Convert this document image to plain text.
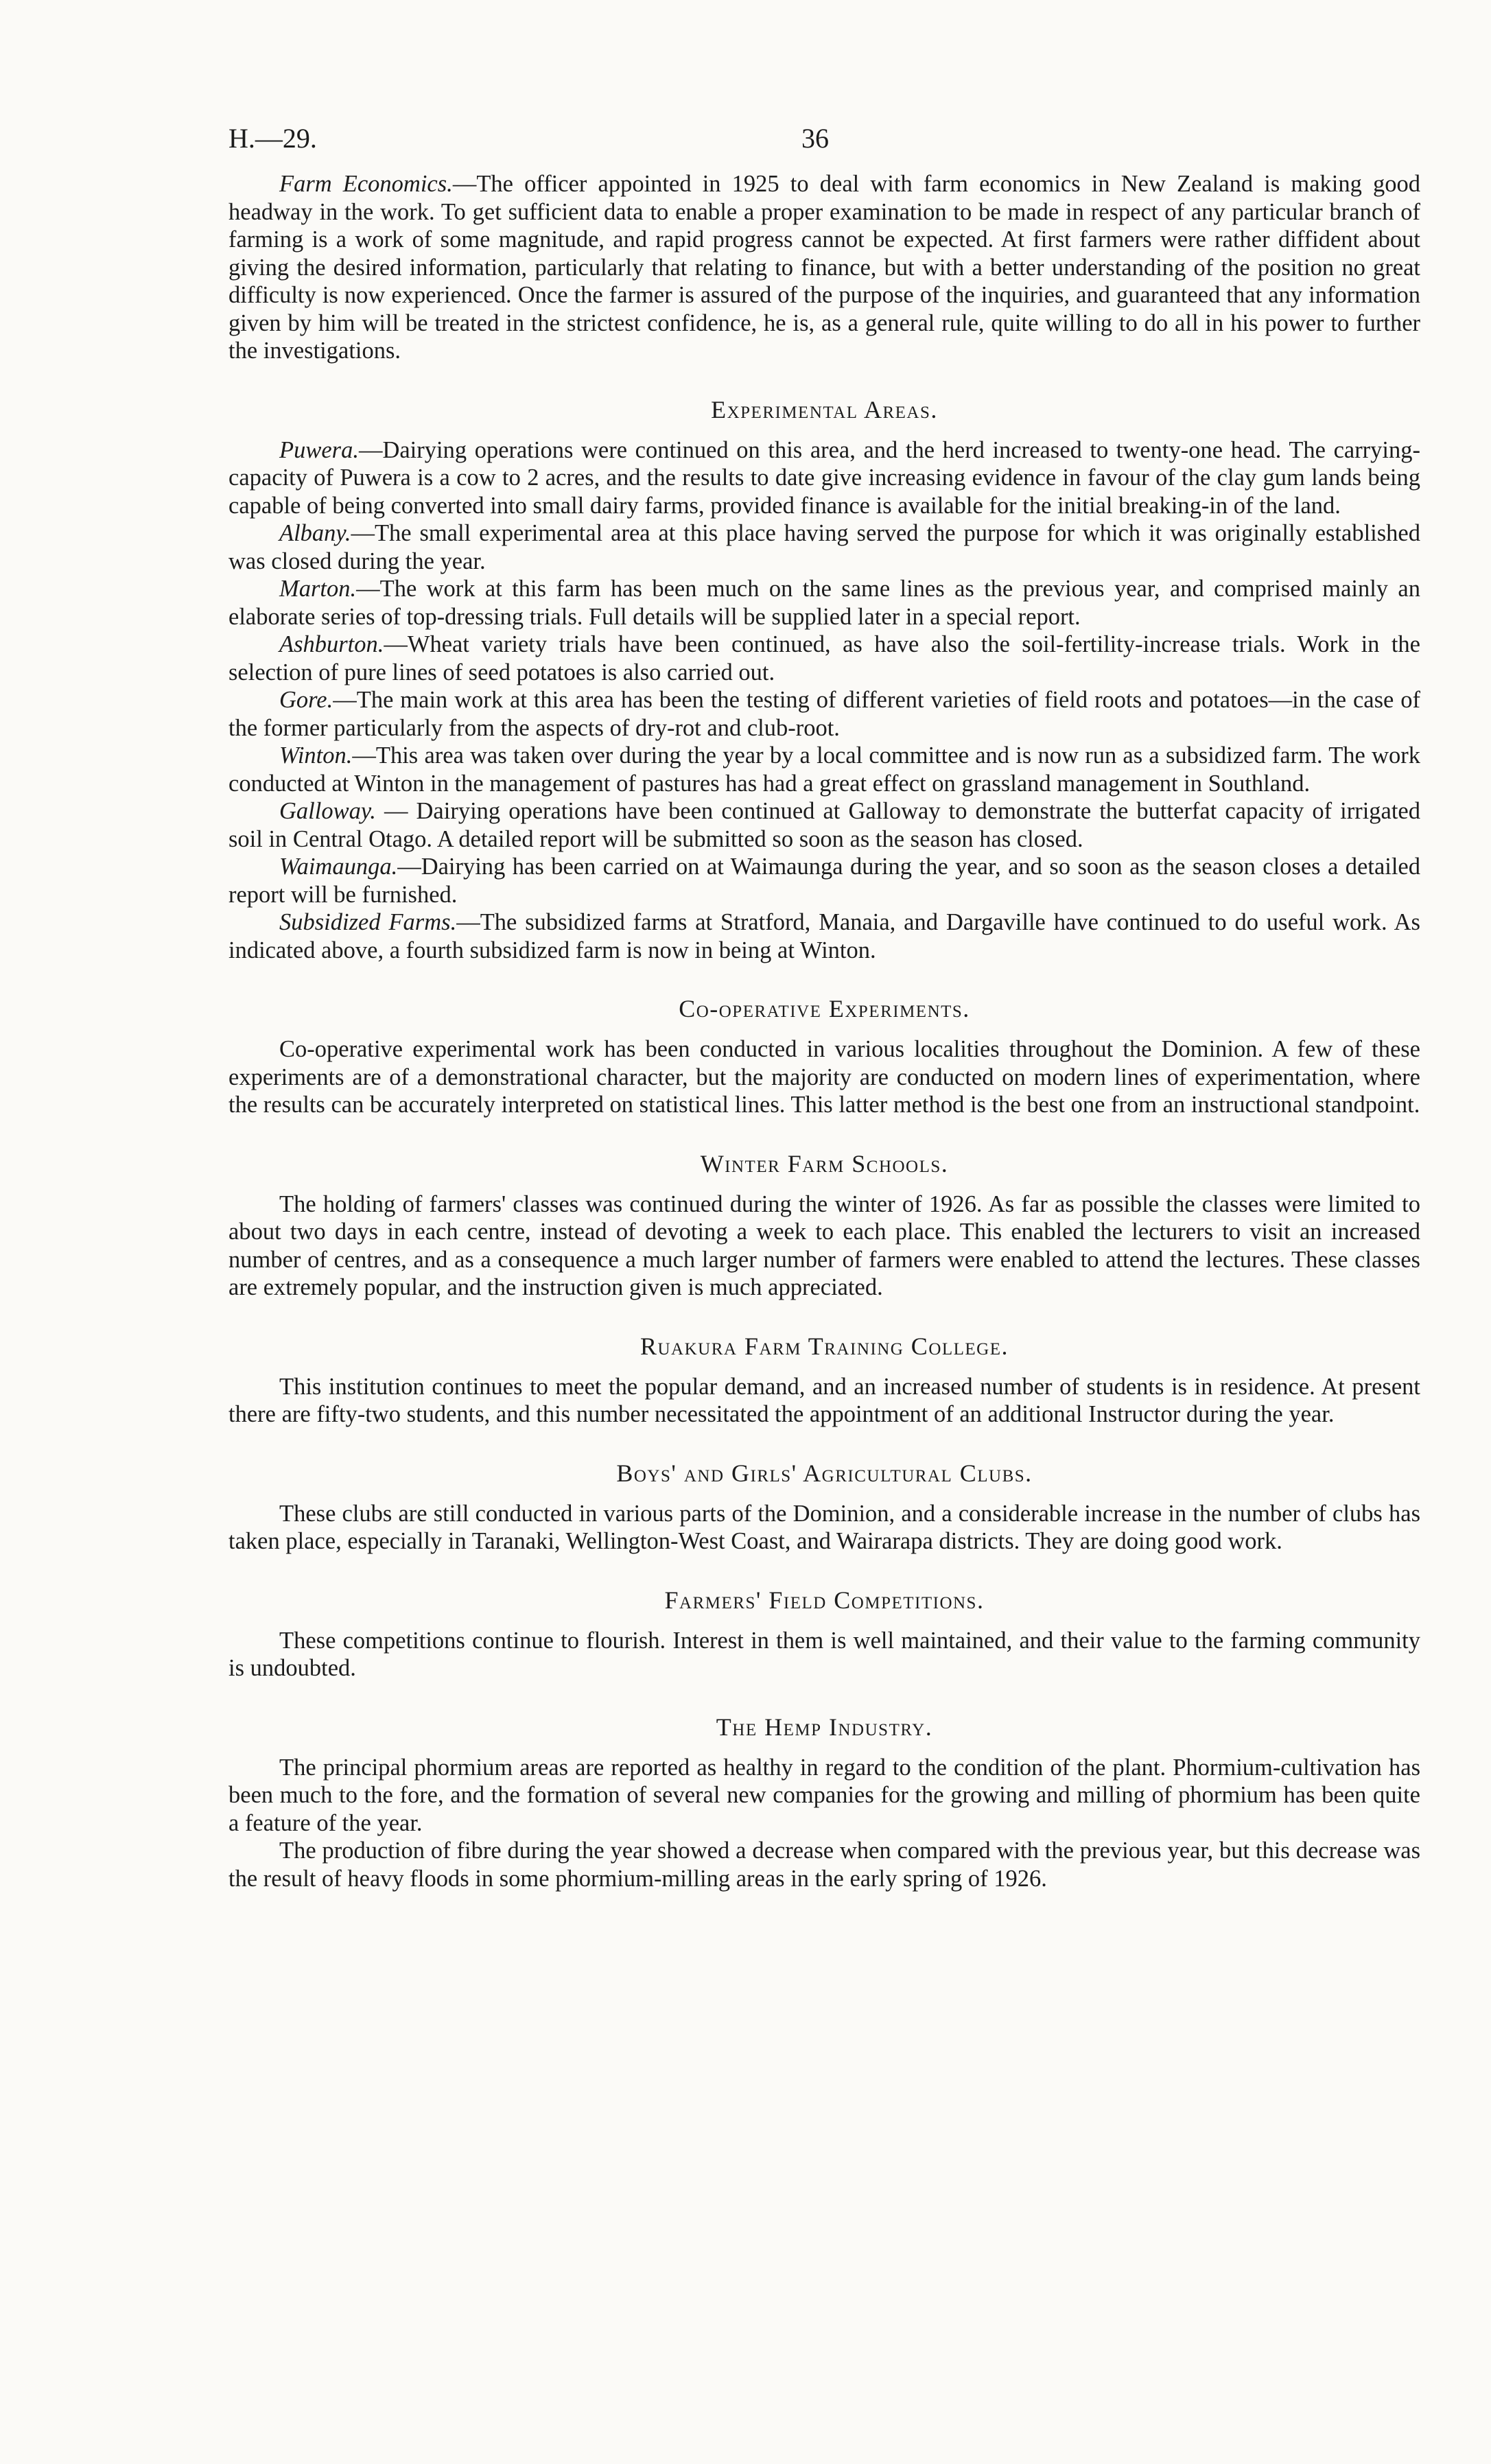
H.—29.	36

Farm Economics.—The officer appointed in 1925 to deal with farm economics in New Zealand is making good headway in the work. To get sufficient data to enable a proper examination to be made in respect of any particular branch of farming is a work of some magnitude, and rapid progress cannot be expected. At first farmers were rather diffident about giving the desired information, particularly that relating to finance, but with a better understanding of the position no great difficulty is now experienced. Once the farmer is assured of the purpose of the inquiries, and guaranteed that any information given by him will be treated in the strictest confidence, he is, as a general rule, quite willing to do all in his power to further the investigations.

Experimental Areas.

Puwera.—Dairying operations were continued on this area, and the herd increased to twenty-one head. The carrying-capacity of Puwera is a cow to 2 acres, and the results to date give increasing evidence in favour of the clay gum lands being capable of being converted into small dairy farms, provided finance is available for the initial breaking-in of the land.

Albany.—The small experimental area at this place having served the purpose for which it was originally established was closed during the year.

Marton.—The work at this farm has been much on the same lines as the previous year, and comprised mainly an elaborate series of top-dressing trials. Full details will be supplied later in a special report.

Ashburton.—Wheat variety trials have been continued, as have also the soil-fertility-increase trials. Work in the selection of pure lines of seed potatoes is also carried out.

Gore.—The main work at this area has been the testing of different varieties of field roots and potatoes—in the case of the former particularly from the aspects of dry-rot and club-root.

Winton.—This area was taken over during the year by a local committee and is now run as a subsidized farm. The work conducted at Winton in the management of pastures has had a great effect on grassland management in Southland.

Galloway. — Dairying operations have been continued at Galloway to demonstrate the butterfat capacity of irrigated soil in Central Otago. A detailed report will be submitted so soon as the season has closed.

Waimaunga.—Dairying has been carried on at Waimaunga during the year, and so soon as the season closes a detailed report will be furnished.

Subsidized Farms.—The subsidized farms at Stratford, Manaia, and Dargaville have continued to do useful work. As indicated above, a fourth subsidized farm is now in being at Winton.

Co-operative Experiments.

Co-operative experimental work has been conducted in various localities throughout the Dominion. A few of these experiments are of a demonstrational character, but the majority are conducted on modern lines of experimentation, where the results can be accurately interpreted on statistical lines. This latter method is the best one from an instructional standpoint.

Winter Farm Schools.

The holding of farmers' classes was continued during the winter of 1926. As far as possible the classes were limited to about two days in each centre, instead of devoting a week to each place. This enabled the lecturers to visit an increased number of centres, and as a consequence a much larger number of farmers were enabled to attend the lectures. These classes are extremely popular, and the instruction given is much appreciated.

Ruakura Farm Training College.

This institution continues to meet the popular demand, and an increased number of students is in residence. At present there are fifty-two students, and this number necessitated the appointment of an additional Instructor during the year.

Boys' and Girls' Agricultural Clubs.

These clubs are still conducted in various parts of the Dominion, and a considerable increase in the number of clubs has taken place, especially in Taranaki, Wellington-West Coast, and Wairarapa districts. They are doing good work.

Farmers' Field Competitions.

These competitions continue to flourish. Interest in them is well maintained, and their value to the farming community is undoubted.

The Hemp Industry.

The principal phormium areas are reported as healthy in regard to the condition of the plant. Phormium-cultivation has been much to the fore, and the formation of several new companies for the growing and milling of phormium has been quite a feature of the year.

The production of fibre during the year showed a decrease when compared with the previous year, but this decrease was the result of heavy floods in some phormium-milling areas in the early spring of 1926.
